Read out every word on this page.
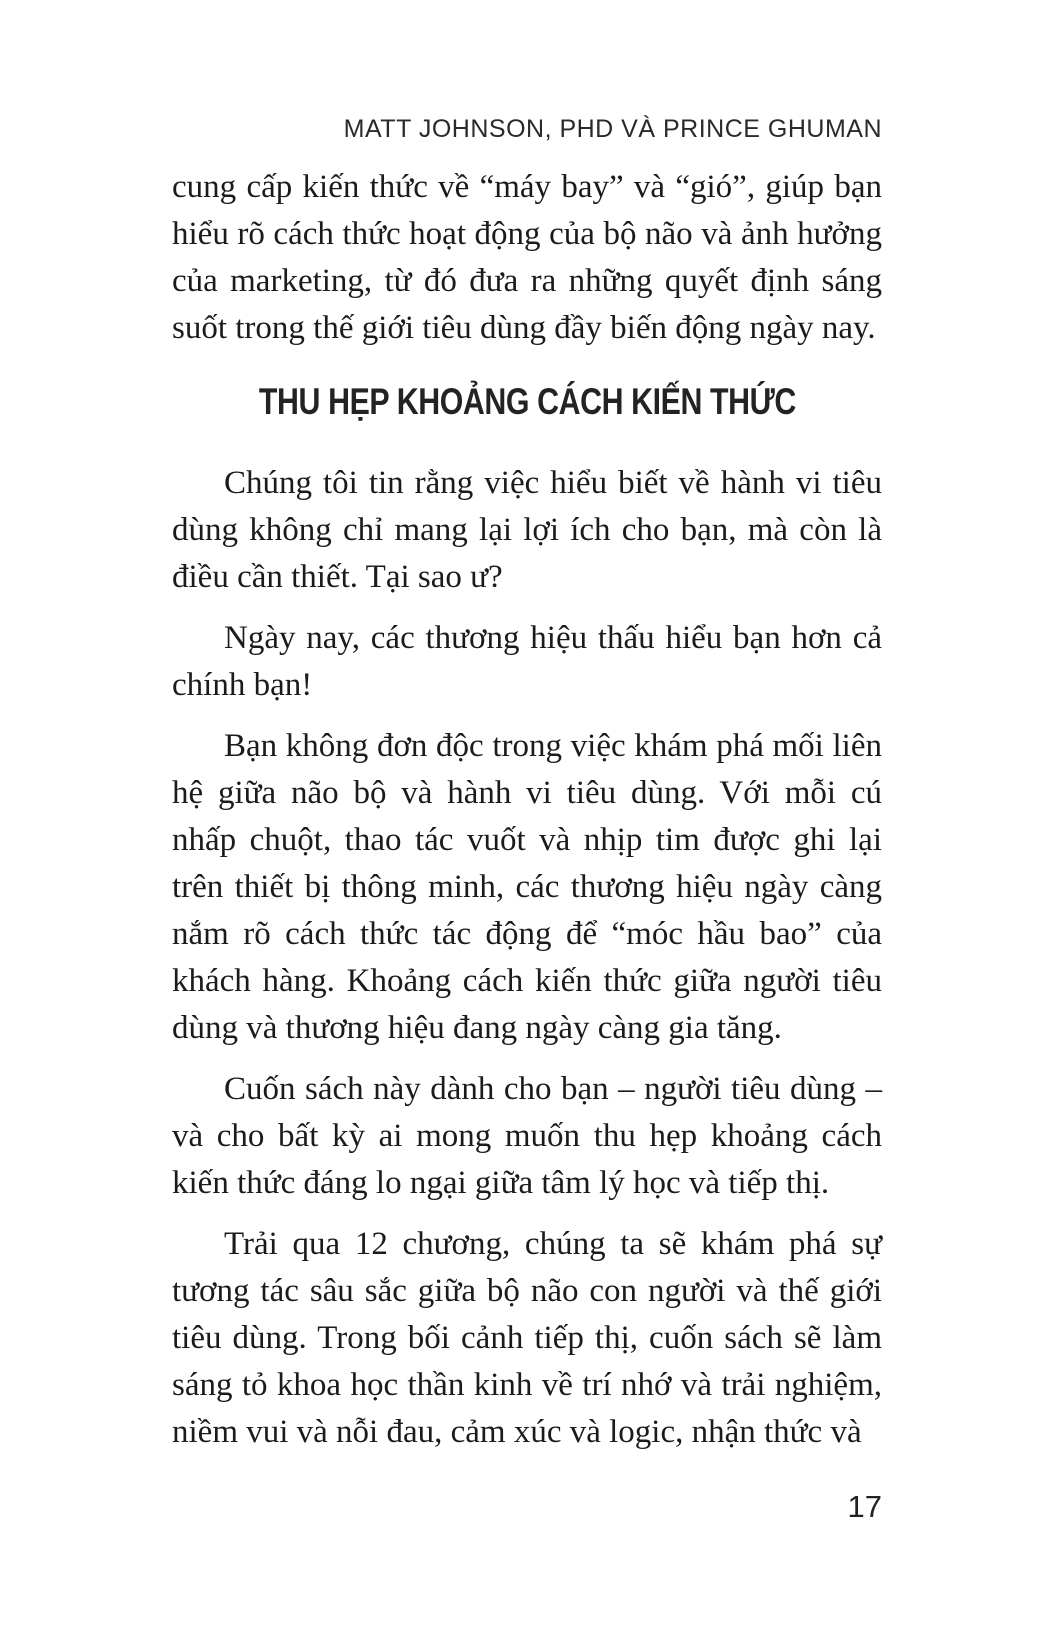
MATT JOHNSON, PHD VÀ PRINCE GHUMAN

cung cấp kiến thức về “máy bay” và “gió”, giúp bạn hiểu rõ cách thức hoạt động của bộ não và ảnh hưởng của marketing, từ đó đưa ra những quyết định sáng suốt trong thế giới tiêu dùng đầy biến động ngày nay.

THU HẸP KHOẢNG CÁCH KIẾN THỨC

Chúng tôi tin rằng việc hiểu biết về hành vi tiêu dùng không chỉ mang lại lợi ích cho bạn, mà còn là điều cần thiết. Tại sao ư?

Ngày nay, các thương hiệu thấu hiểu bạn hơn cả chính bạn!

Bạn không đơn độc trong việc khám phá mối liên hệ giữa não bộ và hành vi tiêu dùng. Với mỗi cú nhấp chuột, thao tác vuốt và nhịp tim được ghi lại trên thiết bị thông minh, các thương hiệu ngày càng nắm rõ cách thức tác động để “móc hầu bao” của khách hàng. Khoảng cách kiến thức giữa người tiêu dùng và thương hiệu đang ngày càng gia tăng.

Cuốn sách này dành cho bạn – người tiêu dùng – và cho bất kỳ ai mong muốn thu hẹp khoảng cách kiến thức đáng lo ngại giữa tâm lý học và tiếp thị.

Trải qua 12 chương, chúng ta sẽ khám phá sự tương tác sâu sắc giữa bộ não con người và thế giới tiêu dùng. Trong bối cảnh tiếp thị, cuốn sách sẽ làm sáng tỏ khoa học thần kinh về trí nhớ và trải nghiệm, niềm vui và nỗi đau, cảm xúc và logic, nhận thức và

17
